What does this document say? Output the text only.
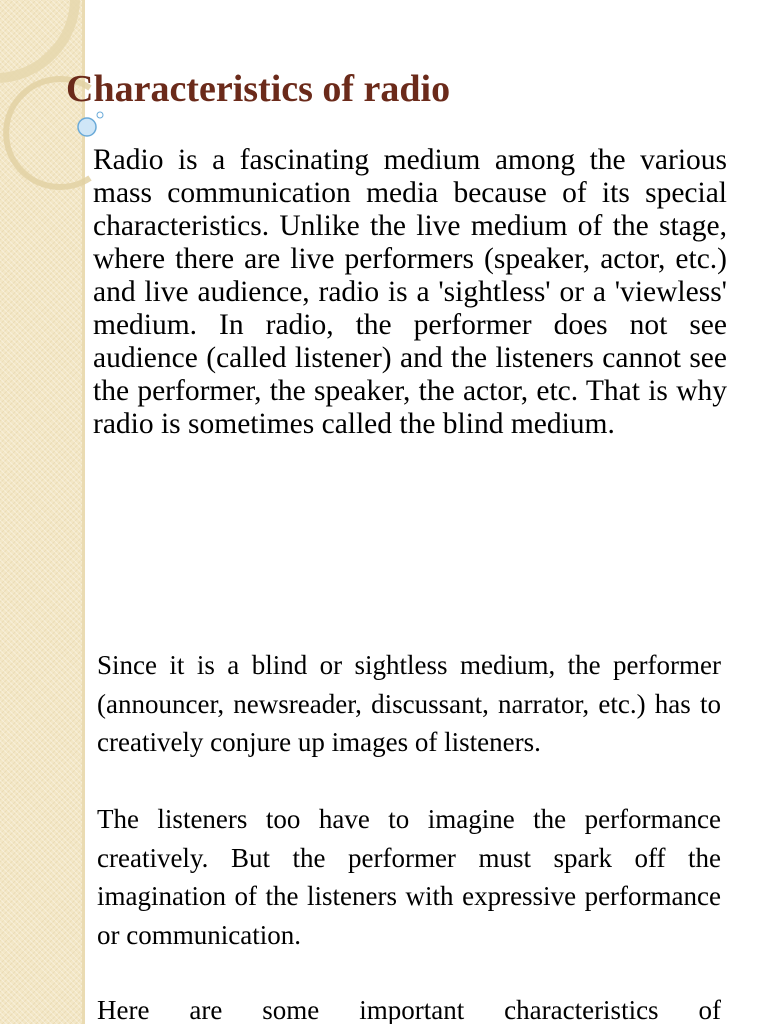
Characteristics of radio

Radio is a fascinating medium among the various mass communication media because of its special characteristics. Unlike the live medium of the stage, where there are live performers (speaker, actor, etc.) and live audience, radio is a 'sightless' or a 'viewless' medium. In radio, the performer does not see audience (called listener) and the listeners cannot see the performer, the speaker, the actor, etc. That is why radio is sometimes called the blind medium.

Since it is a blind or sightless medium, the performer (announcer, newsreader, discussant, narrator, etc.) has to creatively conjure up images of listeners.

The listeners too have to imagine the performance creatively. But the performer must spark off the imagination of the listeners with expressive performance or communication.

Here are some important characteristics of
